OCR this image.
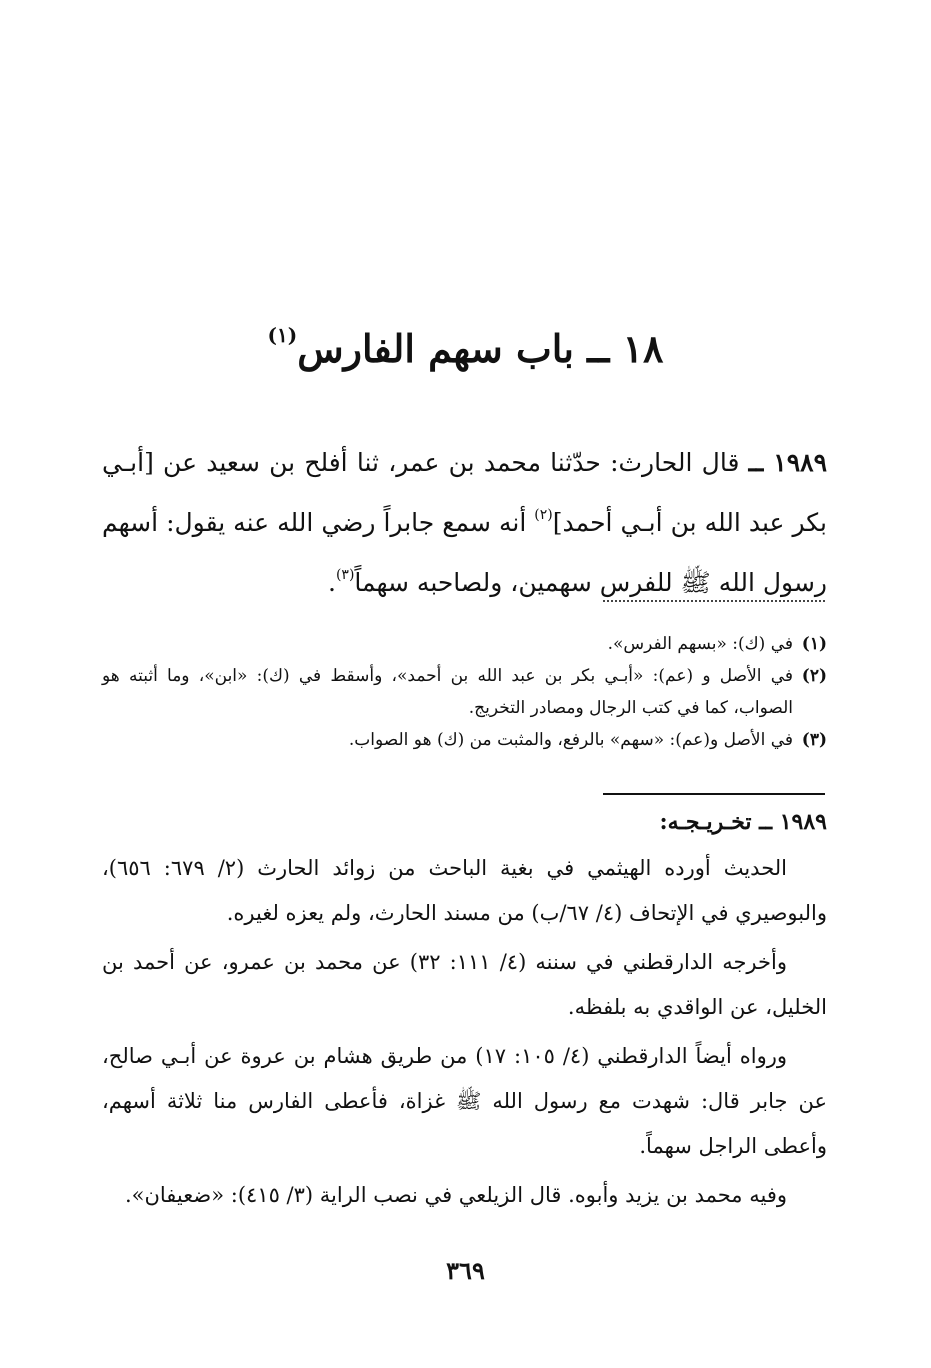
١٨ ــ باب سهم الفارس$^{(١)}$

١٩٨٩ ــ قال الحارث: حدّثنا محمد بن عمر، ثنا أفلح بن سعيد عن [أبـي بكر عبد الله بن أبـي أحمد]$^{(٢)}$ أنه سمع جابراً رضي الله عنه يقول: أسهم رسول الله ﷺ للفرس سهمين، ولصاحبه سهماً$^{(٣)}$.

(١)
في (ك): «بسهم الفرس».
(٢)
في الأصل و (عم): «أبـي بكر بن عبد الله بن أحمد»، وأسقط في (ك): «ابن»، وما أثبته هو الصواب، كما في كتب الرجال ومصادر التخريج.
(٣)
في الأصل و(عم): «سهم» بالرفع، والمثبت من (ك) هو الصواب.
١٩٨٩ ــ تخـريـجـه:

الحديث أورده الهيثمي في بغية الباحث من زوائد الحارث (٢/ ٦٧٩: ٦٥٦)، والبوصيري في الإتحاف (٤/ ٦٧/ب) من مسند الحارث، ولم يعزه لغيره.

وأخرجه الدارقطني في سننه (٤/ ١١١: ٣٢) عن محمد بن عمرو، عن أحمد بن الخليل، عن الواقدي به بلفظه.

ورواه أيضاً الدارقطني (٤/ ١٠٥: ١٧) من طريق هشام بن عروة عن أبـي صالح، عن جابر قال: شهدت مع رسول الله ﷺ غزاة، فأعطى الفارس منا ثلاثة أسهم، وأعطى الراجل سهماً.

وفيه محمد بن يزيد وأبوه. قال الزيلعي في نصب الراية (٣/ ٤١٥): «ضعيفان».

٣٦٩
